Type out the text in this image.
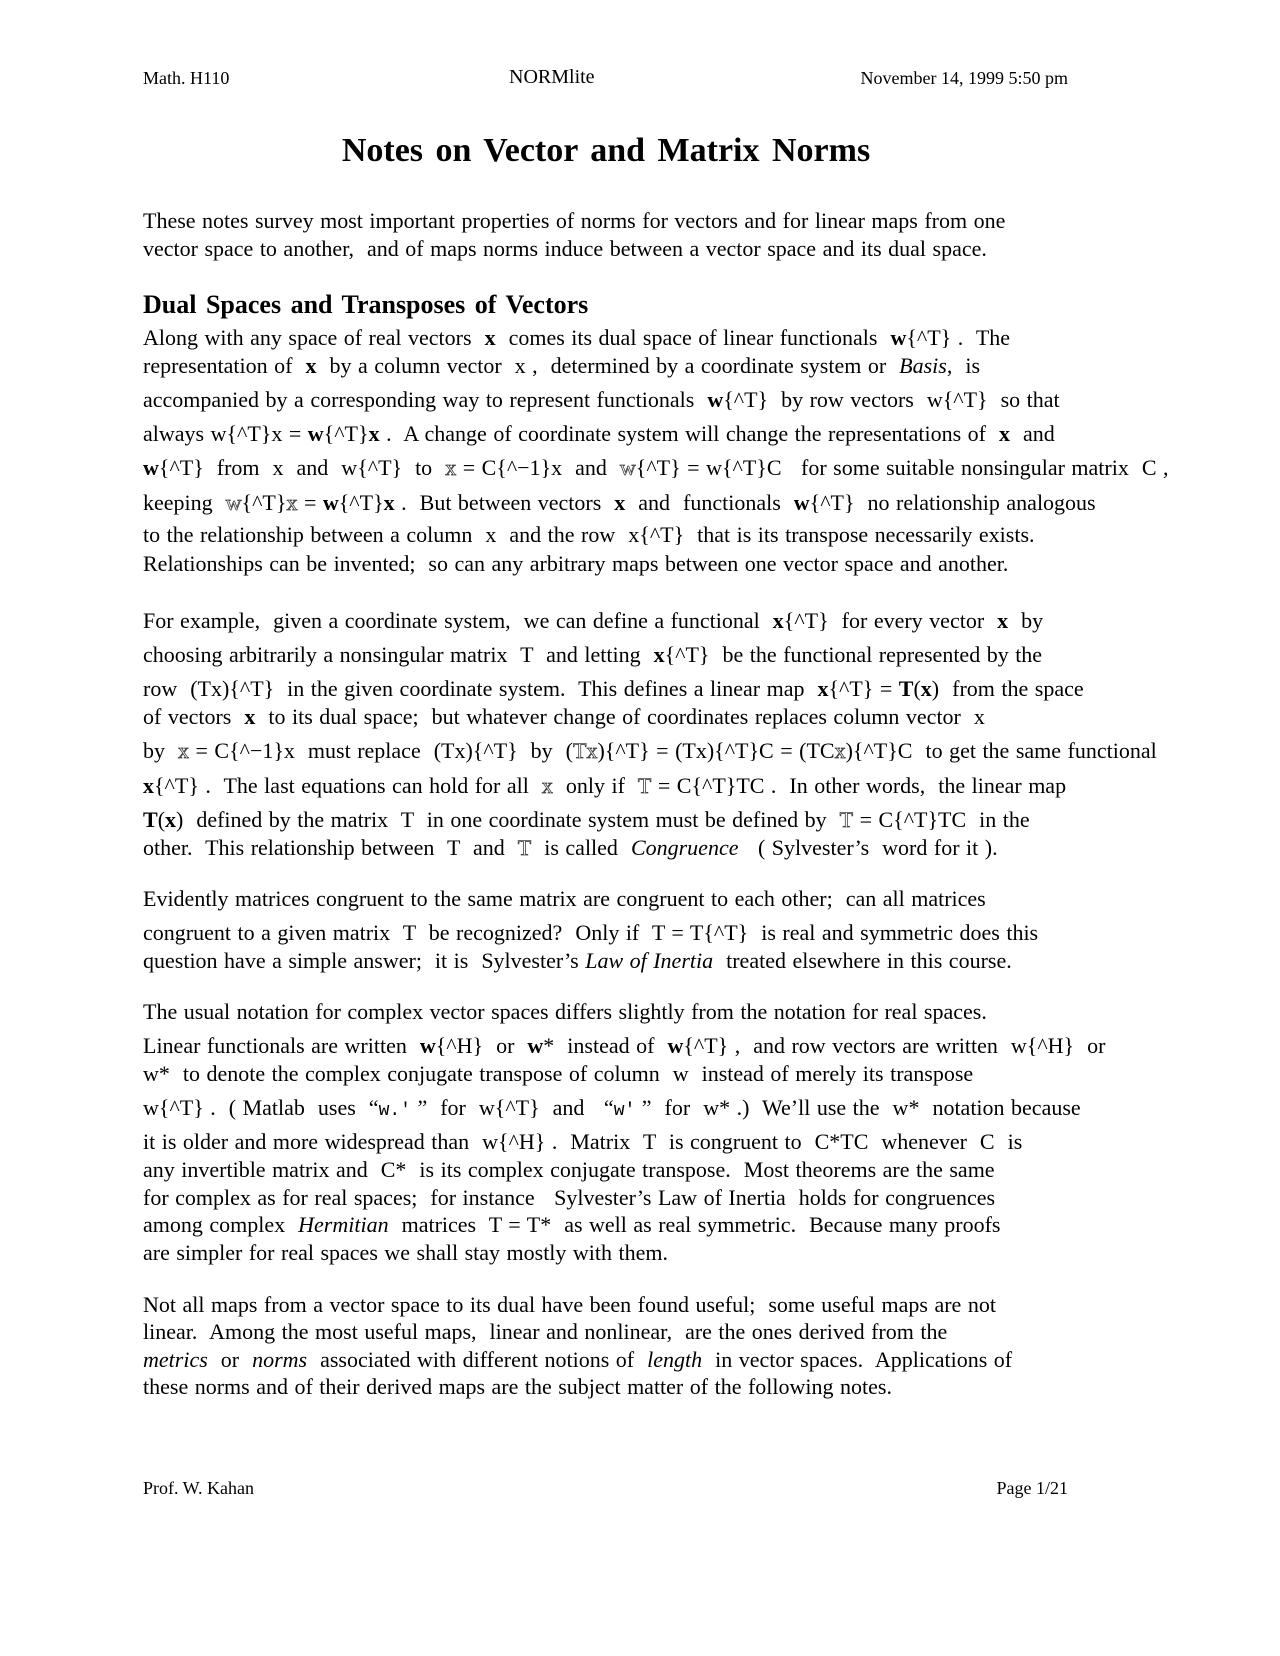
Math. H110	NORMlite	November 14, 1999 5:50 pm
Notes on Vector and Matrix Norms
These notes survey most important properties of norms for vectors and for linear maps from one
vector space to another,  and of maps norms induce between a vector space and its dual space.
Dual Spaces and Transposes of Vectors
Along with any space of real vectors  x  comes its dual space of linear functionals  w{^T} .  The
representation of  x  by a column vector  x ,  determined by a coordinate system or  Basis,  is
accompanied by a corresponding way to represent functionals  w{^T}  by row vectors  w{^T}  so that
always w{^T}x = w{^T}x .  A change of coordinate system will change the representations of  x  and
w{^T}  from  x  and  w{^T}  to  x = C{^−1}x  and  w{^T} = w{^T}C   for some suitable nonsingular matrix  C ,
keeping  w{^T}x = w{^T}x .  But between vectors  x  and  functionals  w{^T}  no relationship analogous
to the relationship between a column  x  and the row  x{^T}  that is its transpose necessarily exists.
Relationships can be invented;  so can any arbitrary maps between one vector space and another.
For example,  given a coordinate system,  we can define a functional  x{^T}  for every vector  x  by
choosing arbitrarily a nonsingular matrix  T  and letting  x{^T}  be the functional represented by the
row  (Tx){^T}  in the given coordinate system.  This defines a linear map  x{^T} = T(x)  from the space
of vectors  x  to its dual space;  but whatever change of coordinates replaces column vector  x
by  x = C{^−1}x  must replace  (Tx){^T}  by  (Tx){^T} = (Tx){^T}C = (TCx){^T}C  to get the same functional
x{^T} .  The last equations can hold for all  x  only if  T = C{^T}TC .  In other words,  the linear map
T(x)  defined by the matrix  T  in one coordinate system must be defined by  T = C{^T}TC  in the
other.  This relationship between  T  and  T  is called  Congruence   ( Sylvester’s  word for it ).
Evidently matrices congruent to the same matrix are congruent to each other;  can all matrices
congruent to a given matrix  T  be recognized?  Only if  T = T{^T}  is real and symmetric does this
question have a simple answer;  it is  Sylvester’s Law of Inertia  treated elsewhere in this course.
The usual notation for complex vector spaces differs slightly from the notation for real spaces.
Linear functionals are written  w{^H}  or  w*  instead of  w{^T} ,  and row vectors are written  w{^H}  or
w*  to denote the complex conjugate transpose of column  w  instead of merely its transpose
w{^T} .  ( Matlab  uses  “w.' ”  for  w{^T}  and   “w' ”  for  w* .)  We’ll use the  w*  notation because
it is older and more widespread than  w{^H} .  Matrix  T  is congruent to  C*TC  whenever  C  is
any invertible matrix and  C*  is its complex conjugate transpose.  Most theorems are the same
for complex as for real spaces;  for instance   Sylvester’s Law of Inertia  holds for congruences
among complex  Hermitian  matrices  T = T*  as well as real symmetric.  Because many proofs
are simpler for real spaces we shall stay mostly with them.
Not all maps from a vector space to its dual have been found useful;  some useful maps are not
linear.  Among the most useful maps,  linear and nonlinear,  are the ones derived from the
metrics  or  norms  associated with different notions of  length  in vector spaces.  Applications of
these norms and of their derived maps are the subject matter of the following notes.
Prof. W. Kahan	Page 1/21
